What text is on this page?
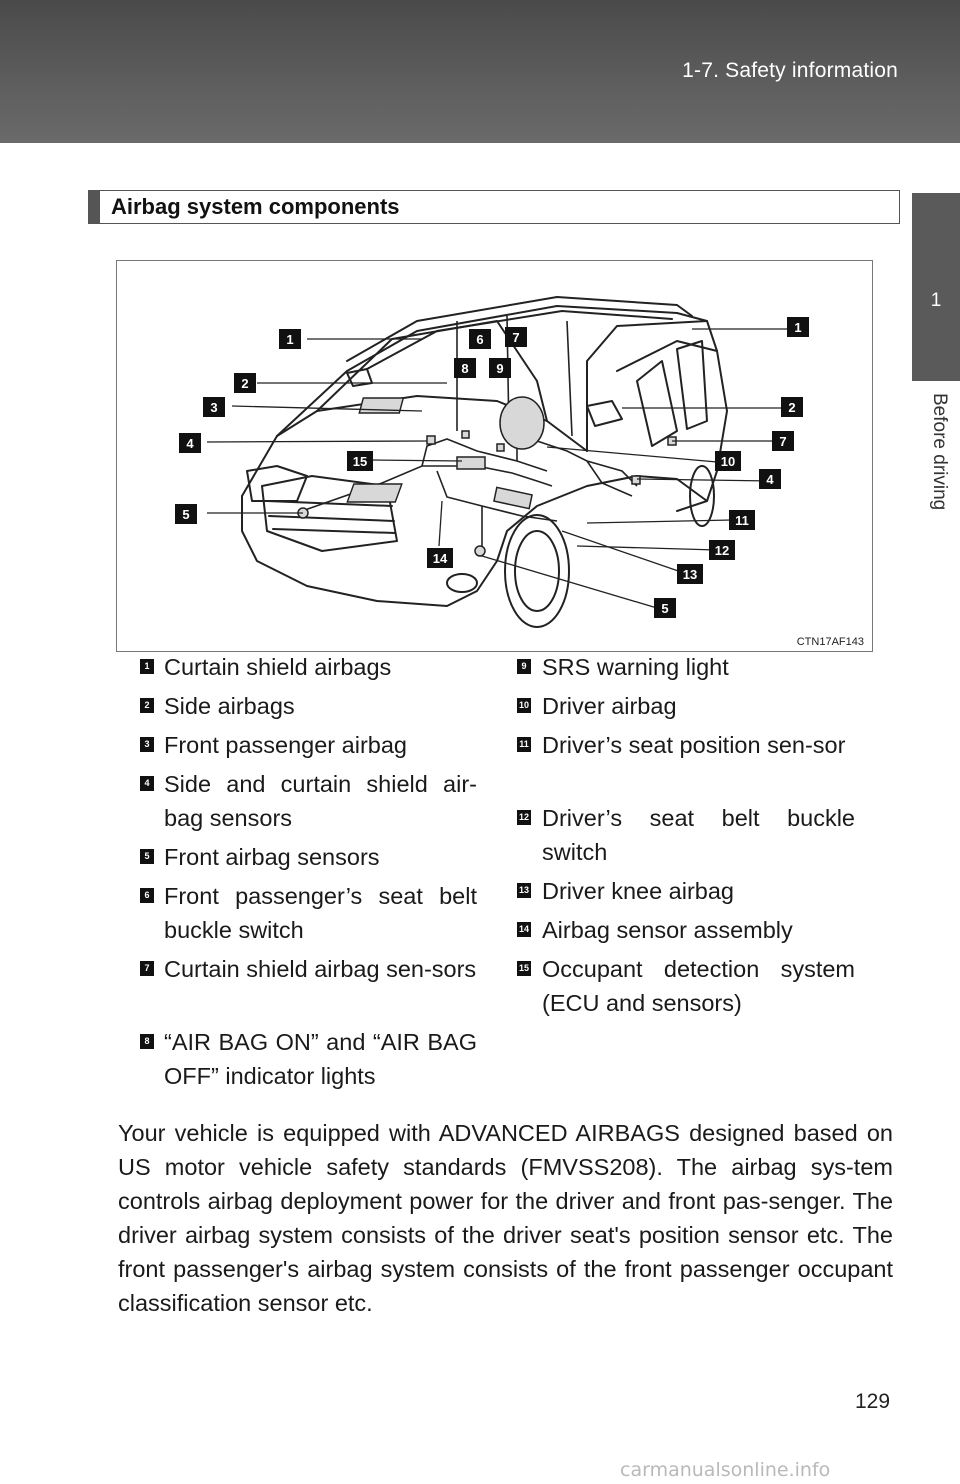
1-7. Safety information
1
Before driving
Airbag system components
1	6 7
1
8 9
2
3	2
4	7
15	10
4
5	11
12
14
13
5
CTN17AF143
1 Curtain shield airbags
2 Side airbags
3 Front passenger airbag
4 Side and curtain shield air-bag sensors
5 Front airbag sensors
6 Front passenger’s seat belt buckle switch
7 Curtain shield airbag sen-sors
8 “AIR BAG ON” and “AIR BAG OFF” indicator lights
9 SRS warning light
10 Driver airbag
11 Driver’s seat position sen-sor
12 Driver’s seat belt buckle switch
13 Driver knee airbag
14 Airbag sensor assembly
15 Occupant detection system (ECU and sensors)
Your vehicle is equipped with ADVANCED AIRBAGS designed based on US motor vehicle safety standards (FMVSS208). The airbag sys-tem controls airbag deployment power for the driver and front pas-senger. The driver airbag system consists of the driver seat's position sensor etc. The front passenger's airbag system consists of the front passenger occupant classification sensor etc.
129
carmanualsonline.info
